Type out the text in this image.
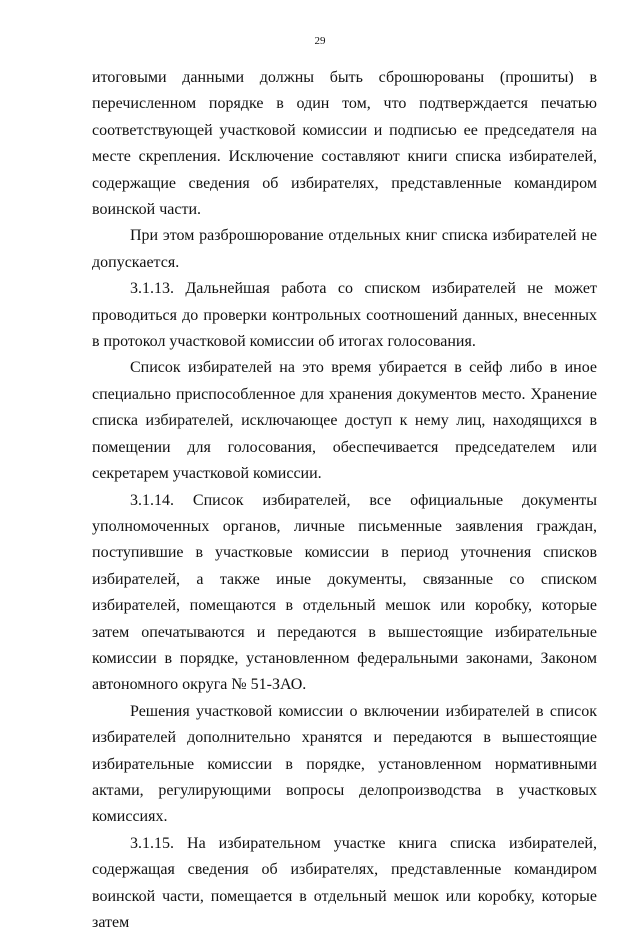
29

итоговыми данными должны быть сброшюрованы (прошиты) в перечисленном порядке в один том, что подтверждается печатью соответствующей участковой комиссии и подписью ее председателя на месте скрепления. Исключение составляют книги списка избирателей, содержащие сведения об избирателях, представленные командиром воинской части.

При этом разброшюрование отдельных книг списка избирателей не допускается.

3.1.13. Дальнейшая работа со списком избирателей не может проводиться до проверки контрольных соотношений данных, внесенных в протокол участковой комиссии об итогах голосования.

Список избирателей на это время убирается в сейф либо в иное специально приспособленное для хранения документов место. Хранение списка избирателей, исключающее доступ к нему лиц, находящихся в помещении для голосования, обеспечивается председателем или секретарем участковой комиссии.

3.1.14. Список избирателей, все официальные документы уполномоченных органов, личные письменные заявления граждан, поступившие в участковые комиссии в период уточнения списков избирателей, а также иные документы, связанные со списком избирателей, помещаются в отдельный мешок или коробку, которые затем опечатываются и передаются в вышестоящие избирательные комиссии в порядке, установленном федеральными законами, Законом автономного округа № 51-ЗАО.

Решения участковой комиссии о включении избирателей в список избирателей дополнительно хранятся и передаются в вышестоящие избирательные комиссии в порядке, установленном нормативными актами, регулирующими вопросы делопроизводства в участковых комиссиях.

3.1.15. На избирательном участке книга списка избирателей, содержащая сведения об избирателях, представленные командиром воинской части, помещается в отдельный мешок или коробку, которые затем
